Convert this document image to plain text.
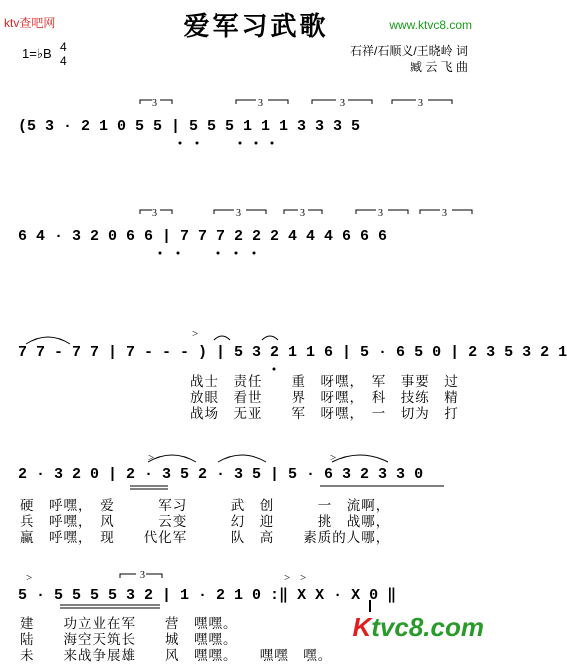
ktv查吧网	爱军习武歌	www.ktvc8.com
1=♭B 4
4
石祥/石顺义/王晓岭 词
臧 云 飞 曲
(5 3 · 2 1 0 5 5 | 5 5 5 1 1 1 3 3 3 5
6 4 · 3 2 0 6 6 | 7 7 7 2 2 2 4 4 4 6 6 6
7 7 - 7 7 | 7 - - - ) | 5 3 2 1 1 6 | 5 · 6 5 0 | 2 3 5 3 2 1
2 · 3 2 0 | 2 · 3 5 2 · 3 5 | 5 · 6 3 2 3 3 0
5 · 5 5 5 5 3 2 | 1 · 2 1 0 :‖ X X · X 0 ‖
3	3	3	3
3	3	3	3	3
3
>
>	>
>	> >
战士　责任　　重　呀嘿，　军　事要　过
放眼　看世　　界　呀嘿，　科　技练　精
战场　无亚　　军　呀嘿，　一　切为　打
硬　呼嘿，　爱　　　军习　　　武　创　　　一　流啊，
兵　呼嘿，　风　　　云变　　　幻　迎　　　挑　战哪，
赢　呼嘿，　现　　代化军　　　队　高　　素质的人哪，
建　　功立业在军　　营　嘿嘿。
陆　　海空天筑长　　城　嘿嘿。
未　　来战争展雄　　风　嘿嘿。　　嘿嘿　嘿。
Ktvc8.com
